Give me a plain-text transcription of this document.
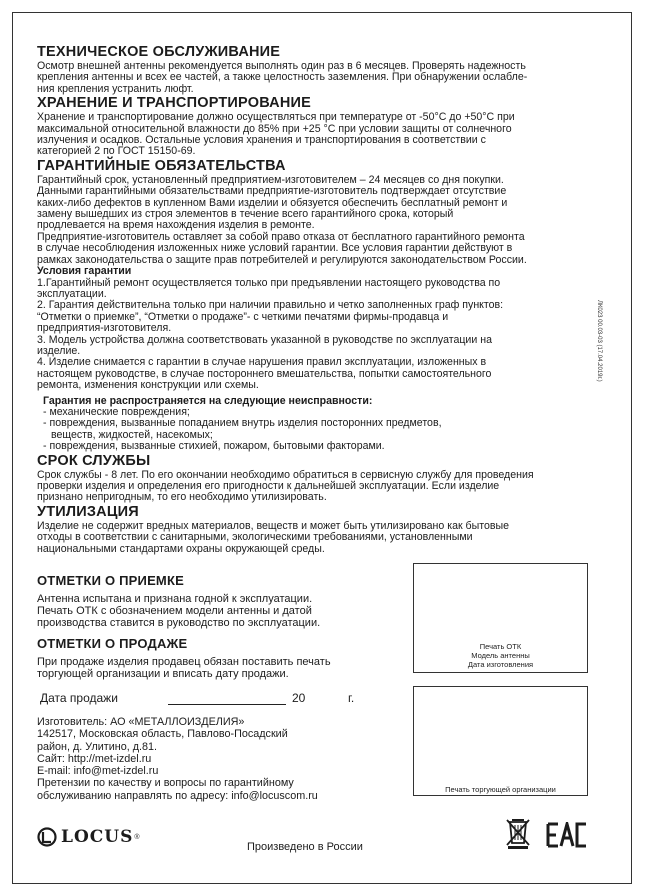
ТЕХНИЧЕСКОЕ ОБСЛУЖИВАНИЕ

Осмотр внешней антенны рекомендуется выполнять один раз в 6 месяцев. Проверять надежность

крепления антенны и всех ее частей, а также целостность заземления. При обнаружении ослабле-

ния крепления устранить люфт.

ХРАНЕНИЕ И ТРАНСПОРТИРОВАНИЕ

Хранение и транспортирование должно осуществляться при температуре от -50°С до +50°С при

максимальной относительной влажности до 85% при +25 °С при условии защиты от солнечного

излучения и осадков. Остальные условия хранения и транспортирования в соответствии с

категорией 2 по ГОСТ 15150-69.

ГАРАНТИЙНЫЕ ОБЯЗАТЕЛЬСТВА

Гарантийный срок, установленный предприятием-изготовителем – 24 месяцев со дня покупки.

Данными гарантийными обязательствами предприятие-изготовитель подтверждает отсутствие

каких-либо дефектов в купленном Вами изделии и обязуется обеспечить бесплатный ремонт и

замену вышедших из строя элементов в течение всего гарантийного срока, который

продлевается на время нахождения изделия в ремонте.

Предприятие-изготовитель оставляет за собой право отказа от бесплатного гарантийного ремонта

в случае несоблюдения изложенных ниже условий гарантии. Все условия гарантии действуют в

рамках законодательства о защите прав потребителей и регулируются законодательством России.

Условия гарантии

1.Гарантийный ремонт осуществляется только при предъявлении настоящего руководства по

эксплуатации.

2. Гарантия действительна только при наличии правильно и четко заполненных граф пунктов:

“Отметки о приемке”, “Отметки о продаже”- с четкими печатями фирмы-продавца и

предприятия-изготовителя.

3. Модель устройства должна соответствовать указанной в руководстве по эксплуатации на

изделие.

4. Изделие снимается с гарантии в случае нарушения правил эксплуатации, изложенных в

настоящем руководстве, в случае постороннего вмешательства, попытки самостоятельного

ремонта, изменения конструкции или схемы.

Гарантия не распространяется на следующие неисправности:

- механические повреждения;

- повреждения, вызванные попаданием внутрь изделия посторонних предметов,

веществ, жидкостей, насекомых;

- повреждения, вызванные стихией, пожаром, бытовыми факторами.

СРОК СЛУЖБЫ

Срок службы - 8 лет. По его окончании необходимо обратиться в сервисную службу для проведения

проверки изделия и определения его пригодности к дальнейшей эксплуатации. Если изделие

признано непригодным, то его необходимо утилизировать.

УТИЛИЗАЦИЯ

Изделие не содержит вредных материалов, веществ и может быть утилизировано как бытовые

отходы в соответствии с санитарными, экологическими требованиями, установленными

национальными стандартами охраны окружающей среды.

ЛК023 00.03-03 (17.04.2019г.)
ОТМЕТКИ О ПРИЕМКЕ

Антенна испытана и признана годной к эксплуатации.

Печать ОТК с обозначением модели антенны и датой

производства ставится в руководство по эксплуатации.

ОТМЕТКИ О ПРОДАЖЕ

При продаже изделия продавец обязан поставить печать

торгующей организации и вписать дату продажи.

Дата продажи	20	г.

Изготовитель: АО «МЕТАЛЛОИЗДЕЛИЯ»

142517, Московская область, Павлово-Посадский

район, д. Улитино, д.81.

Сайт: http://met-izdel.ru

E-mail: info@met-izdel.ru

Претензии по качеству и вопросы по гарантийному

обслуживанию направлять по адресу: info@locuscom.ru

Печать ОТК
Модель антенны
Дата изготовления
Печать торгующей организации
LOCUS ®
Произведено в России
